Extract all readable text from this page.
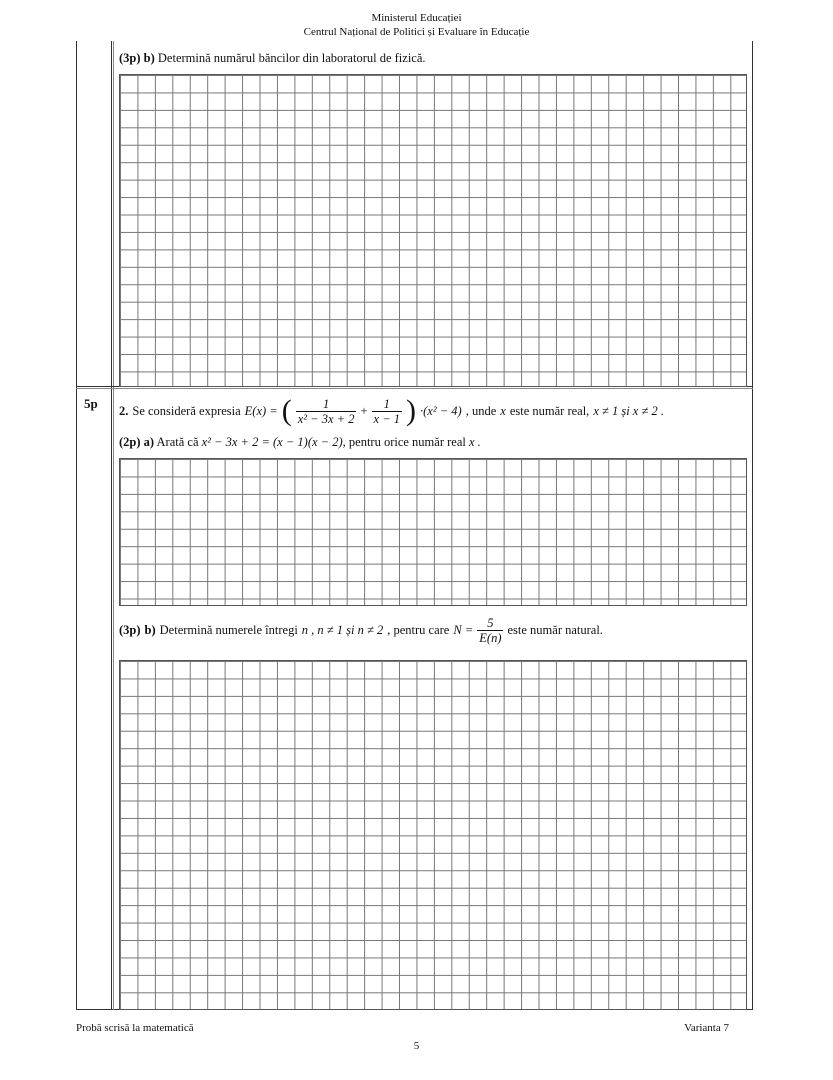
Ministerul Educației
Centrul Național de Politici și Evaluare în Educație
(3p) b) Determină numărul băncilor din laboratorul de fizică.
5p 2. Se consideră expresia E(x) = ( $\frac{1}{\text{x² − 3x + 2}} + \frac{1}{x - 1}$ ) ·(x² − 4) , unde x este număr real, x ≠ 1 și x ≠ 2 .
(2p) a) Arată că x² − 3x + 2 = (x − 1)(x − 2), pentru orice număr real x .
(3p) b) Determină numerele întregi n , n ≠ 1 și n ≠ 2 , pentru care $N = \frac{5}{E(n)}$ este număr natural.
Probă scrisă la matematică	Varianta 7
5
